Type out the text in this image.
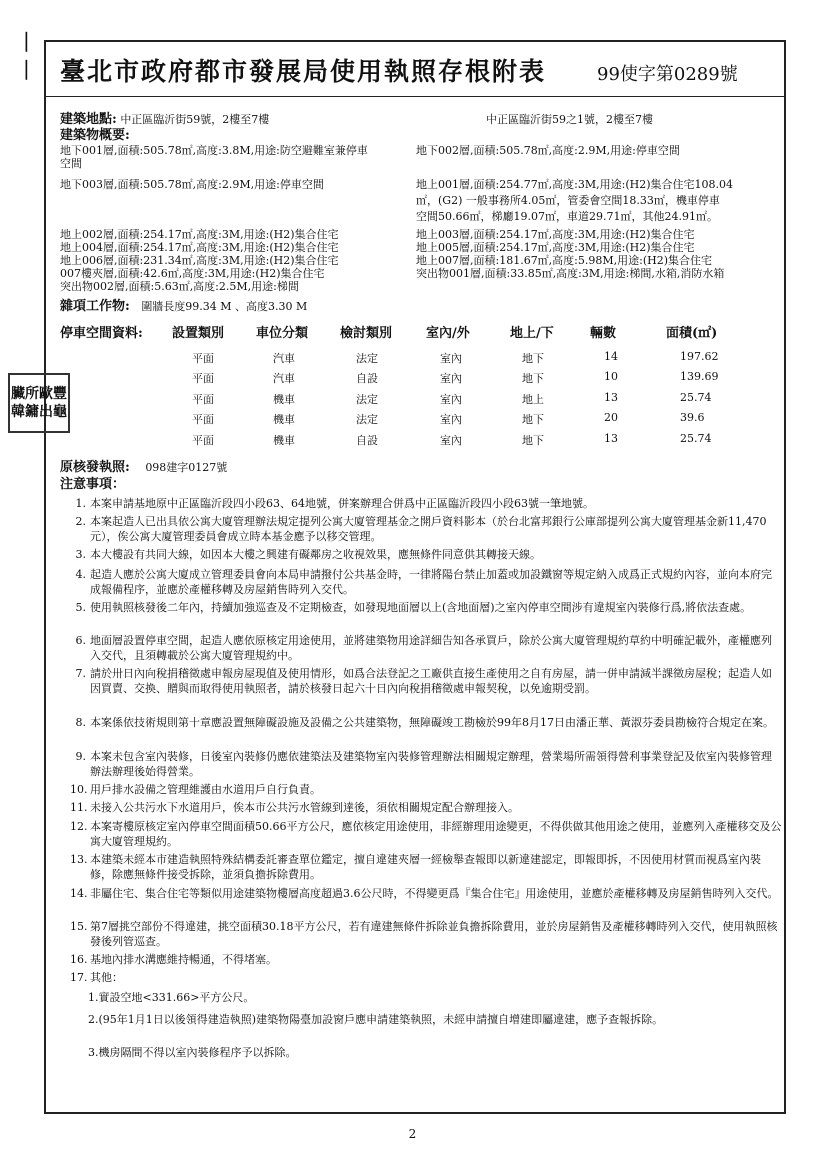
❘
❘ 臺北市政府都市發展局使用執照存根附表	99使字第0289號
建築地點: 中正區臨沂街59號，2樓至7樓	中正區臨沂街59之1號，2樓至7樓
建築物概要:
地下001層,面積:505.78㎡,高度:3.8M,用途:防空避難室兼停車
空間
地下002層,面積:505.78㎡,高度:2.9M,用途:停車空間
地下003層,面積:505.78㎡,高度:2.9M,用途:停車空間	地上001層,面積:254.77㎡,高度:3M,用途:(H2)集合住宅108.04
㎡，(G2) 一般事務所4.05㎡，管委會空間18.33㎡，機車停車
空間50.66㎡，梯廳19.07㎡，車道29.71㎡，其他24.91㎡。
地上002層,面積:254.17㎡,高度:3M,用途:(H2)集合住宅	地上003層,面積:254.17㎡,高度:3M,用途:(H2)集合住宅
地上004層,面積:254.17㎡,高度:3M,用途:(H2)集合住宅	地上005層,面積:254.17㎡,高度:3M,用途:(H2)集合住宅
地上006層,面積:231.34㎡,高度:3M,用途:(H2)集合住宅	地上007層,面積:181.67㎡,高度:5.98M,用途:(H2)集合住宅
007樓夾層,面積:42.6㎡,高度:3M,用途:(H2)集合住宅	突出物001層,面積:33.85㎡,高度:3M,用途:梯間,水箱,消防水箱
突出物002層,面積:5.63㎡,高度:2.5M,用途:梯間
雜項工作物: 圍牆長度99.34 M 、高度3.30 M
停車空間資料: 設置類別 車位分類 檢討類別	室內/外	地上/下	輛數	面積(㎡)
平面	汽車	法定	室內	地下	14	197.62
平面	汽車	自設	室內	地下	10	139.69
平面	機車	法定	室內	地上	13	25.74
平面	機車	法定	室內	地下	20	39.6
平面	機車	自設	室內	地下	13	25.74
臟 所 歐 豐
韓 鏞 出 龜
原核發執照: 098建字0127號
注意事項：
1. 本案申請基地原中正區臨沂段四小段63、64地號，併案辦理合併爲中正區臨沂段四小段63號一筆地號。
2. 本案起造人已出具依公寓大廈管理辦法規定提列公寓大廈管理基金之開戶資料影本（於台北富邦銀行公庫部提列公寓大廈管理基金新11,470元），俟公寓大廈管理委員會成立時本基金應予以移交管理。
3. 本大樓設有共同大線，如因本大樓之興建有礙鄰房之收視效果，應無條件同意供其轉接天線。
4. 起造人應於公寓大廈成立管理委員會向本局申請撥付公共基金時，一律將陽台禁止加蓋或加設鐵窗等規定納入成爲正式規約內容，並向本府完成報備程序，並應於產權移轉及房屋銷售時列入交代。
5. 使用執照核發後二年內，持續加強巡查及不定期檢查，如發現地面層以上(含地面層)之室內停車空間涉有違規室內裝修行爲,將依法查處。
6. 地面層設置停車空間，起造人應依原核定用途使用，並將建築物用途詳細告知各承買戶，除於公寓大廈管理規約草約中明確記載外，產權應列入交代，且須轉載於公寓大廈管理規約中。
7. 請於卅日內向稅捐稽徵處申報房屋現值及使用情形，如爲合法登記之工廠供直接生產使用之自有房屋，請一併申請減半課徵房屋稅；起造人如因買賣、交換、贈與而取得使用執照者，請於核發日起六十日內向稅捐稽徵處申報契稅，以免逾期受罰。
8. 本案係依技術規則第十章應設置無障礙設施及設備之公共建築物，無障礙竣工勘檢於99年8月17日由潘正華、黃淑芬委員勘檢符合規定在案。
9. 本案未包含室內裝修，日後室內裝修仍應依建築法及建築物室內裝修管理辦法相關規定辦理，營業場所需領得營利事業登記及依室內裝修管理辦法辦理後始得營業。
10. 用戶排水設備之管理維護由水道用戶自行負責。
11. 未接入公共污水下水道用戶，俟本市公共污水管線到達後，須依相關規定配合辦理接入。
12. 本案寄樓原核定室內停車空間面積50.66平方公尺，應依核定用途使用，非經辦理用途變更，不得供做其他用途之使用，並應列入產權移交及公寓大廈管理規約。
13. 本建築未經本市建造執照特殊結構委託審查單位鑑定，擅自違建夾層一經檢舉查報即以新違建認定，即報即拆，不因使用材質而視爲室內裝修，除應無條件接受拆除，並須負擔拆除費用。
14. 非屬住宅、集合住宅等類似用途建築物樓層高度超過3.6公尺時，不得變更爲『集合住宅』用途使用，並應於產權移轉及房屋銷售時列入交代。
15. 第7層挑空部份不得違建，挑空面積30.18平方公尺，若有違建無條件拆除並負擔拆除費用，並於房屋銷售及產權移轉時列入交代，使用執照核發後列管巡查。
16. 基地內排水溝應維持暢通，不得堵塞。
17. 其他：
1.實設空地<331.66>平方公尺。
2.(95年1月1日以後領得建造執照)建築物陽臺加設窗戶應申請建築執照，未經申請擅自增建即屬違建，應予查報拆除。
3.機房隔間不得以室內裝修程序予以拆除。
2
